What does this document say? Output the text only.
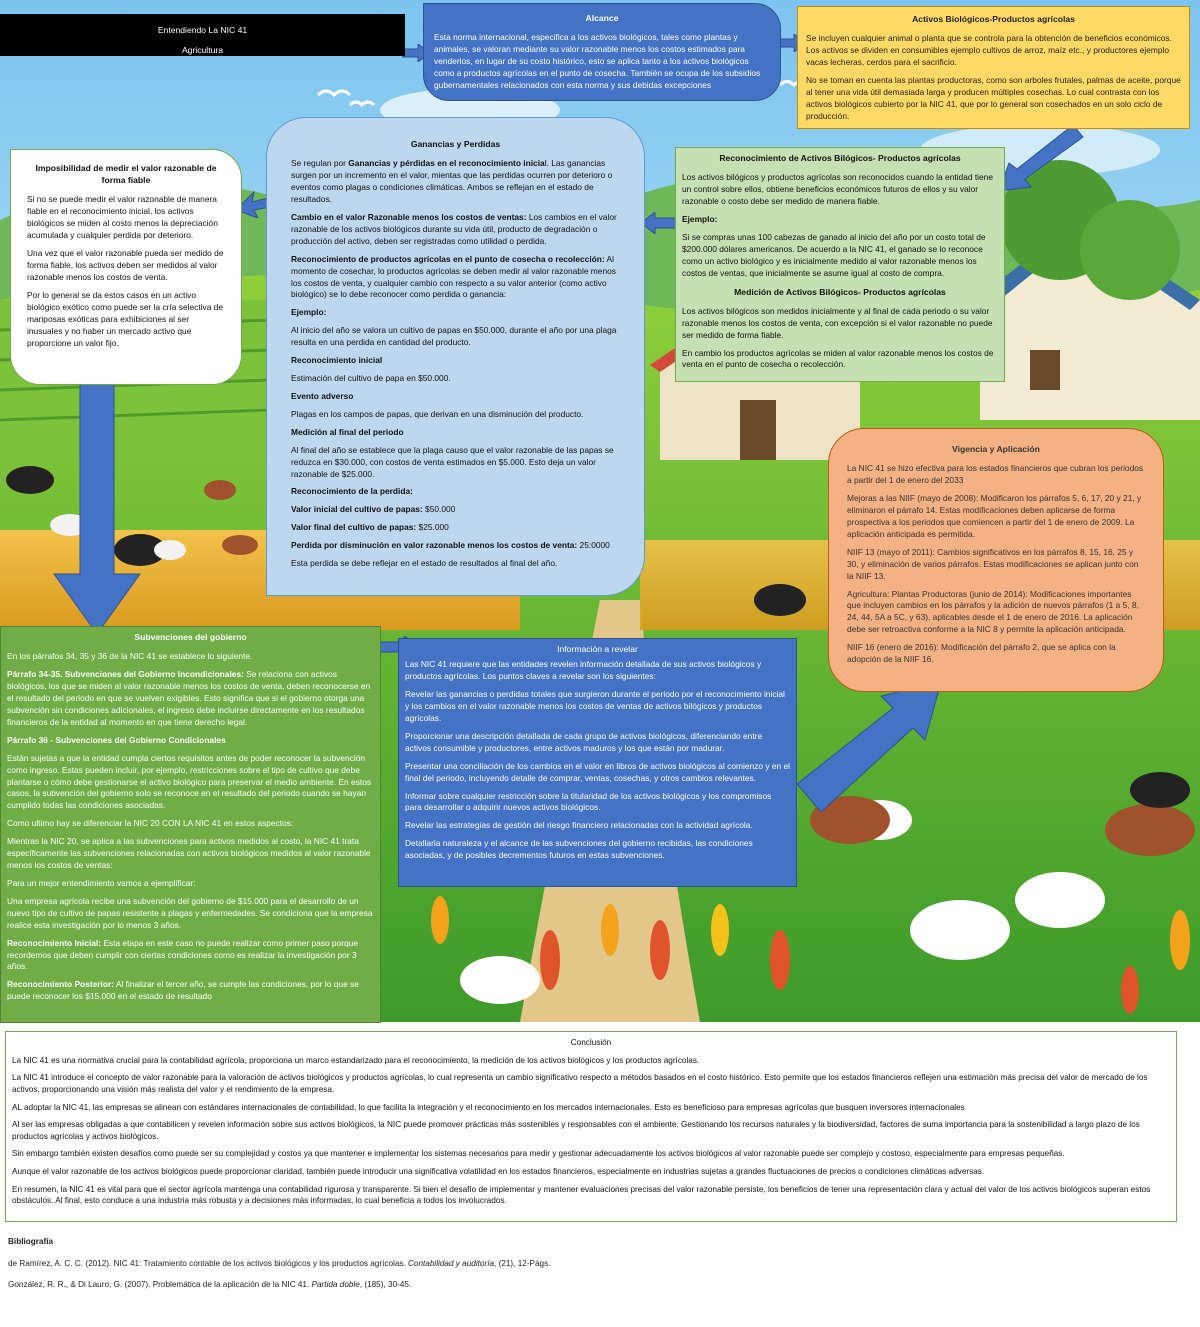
Entendiendo La NIC 41
Agricultura
Alcance

Esta norma internacional, especifica a los activos biológicos, tales como plantas y animales, se valoran mediante su valor razonable menos los costos estimados para venderlos, en lugar de su costo histórico, esto se aplica tanto a los activos biológicos como a productos agrícolas en el punto de cosecha. También se ocupa de los subsidios gubernamentales relacionados con esta norma y sus debidas excepciones

Activos Biológicos-Productos agrícolas

Se incluyen cualquier animal o planta que se controla para la obtención de beneficios económicos. Los activos se dividen en consumibles ejemplo cultivos de arroz, maíz etc., y productores ejemplo vacas lecheras, cerdos para el sacrificio.

No se toman en cuenta las plantas productoras, como son arboles frutales, palmas de aceite, porque al tener una vida útil demasiada larga y producen múltiples cosechas. Lo cual contrasta con los activos biológicos cubierto por la NIC 41, que por lo general son cosechados en un solo ciclo de producción.

Imposibilidad de medir el valor razonable de forma fiable

Si no se puede medir el valor razonable de manera fiable en el reconocimiento inicial, los activos biológicos se miden al costo menos la depreciación acumulada y cualquier perdida por deterioro.

Una vez que el valor razonable pueda ser medido de forma fiable, los activos deben ser medidos al valor razonable menos los costos de venta.

Por lo general se da estos casos en un activo biológico exótico como puede ser la cría selectiva de mariposas exóticas para exhibiciones al ser inusuales y no haber un mercado activo que proporcione un valor fijo.

Ganancias y Perdidas

Se regulan por Ganancias y pérdidas en el reconocimiento inicial. Las ganancias surgen por un incremento en el valor, mientas que las perdidas ocurren por deterioro o eventos como plagas o condiciones climáticas. Ambos se reflejan en el estado de resultados.

Cambio en el valor Razonable menos los costos de ventas: Los cambios en el valor razonable de los activos biológicos durante su vida útil, producto de degradación o producción del activo, deben ser registradas como utilidad o perdida.

Reconocimiento de productos agrícolas en el punto de cosecha o recolección: Al momento de cosechar, lo productos agrícolas se deben medir al valor razonable menos los costos de venta, y cualquier cambio con respecto a su valor anterior (como activo biológico) se lo debe reconocer como perdida o ganancia:

Ejemplo:

Al inicio del año se valora un cultivo de papas en $50.000, durante el año por una plaga resulta en una perdida en cantidad del producto.

Reconocimiento inicial

Estimación del cultivo de papa en $50.000.

Evento adverso

Plagas en los campos de papas, que derivan en una disminución del producto.

Medición al final del periodo

Al final del año se establece que la plaga causo que el valor razonable de las papas se reduzca en $30.000, con costos de venta estimados en $5.000. Esto deja un valor razonable de $25.000.

Reconocimiento de la perdida:

Valor inicial del cultivo de papas: $50.000

Valor final del cultivo de papas: $25.000

Perdida por disminución en valor razonable menos los costos de venta: 25:0000

Esta perdida se debe reflejar en el estado de resultados al final del año.

Reconocimiento de Activos Bilógicos- Productos agrícolas

Los activos bilógicos y productos agrícolas son reconocidos cuando la entidad tiene un control sobre ellos, obtiene beneficios económicos futuros de ellos y su valor razonable o costo debe ser medido de manera fiable.

Ejemplo:

Si se compras unas 100 cabezas de ganado al inicio del año por un costo total de $200.000 dólares americanos. De acuerdo a la NIC 41, el ganado se lo reconoce como un activo biológico y es inicialmente medido al valor razonable menos los costos de ventas, que inicialmente se asume igual al costo de compra.

Medición de Activos Bilógicos- Productos agrícolas

Los activos bilógicos son medidos inicialmente y al final de cada periodo o su valor razonable menos los costos de venta, con excepción si el valor razonable no puede ser medido de forma fiable.

En cambio los productos agrícolas se miden al valor razonable menos los costos de venta en el punto de cosecha o recolección.

Vigencia y Aplicación

La NIC 41 se hizo efectiva para los estados financieros que cubran los periodos a partir del 1 de enero del 2033

Mejoras a las NIIF (mayo de 2008): Modificaron los párrafos 5, 6, 17, 20 y 21, y eliminaron el párrafo 14. Estas modificaciones deben aplicarse de forma prospectiva a los periodos que comiencen a partir del 1 de enero de 2009. La aplicación anticipada es permitida.

NIIF 13 (mayo of 2011): Cambios significativos en los párrafos 8, 15, 16, 25 y 30, y eliminación de varios párrafos. Estas modificaciones se aplican junto con la NIIF 13.

Agricultura: Plantas Productoras (junio de 2014): Modificaciones importantes que incluyen cambios en los párrafos y la adición de nuevos párrafos (1 a 5, 8, 24, 44, 5A a 5C, y 63), aplicables desde el 1 de enero de 2016. La aplicación debe ser retroactiva conforme a la NIC 8 y permite la aplicación anticipada.

NIIF 16 (enero de 2016): Modificación del párrafo 2, que se aplica con la adopción de la NIIF 16.

Subvenciones del gobierno

En los párrafos 34, 35 y 36 de la NIC 41 se establece lo siguiente.

Párrafo 34-35. Subvenciones del Gobierno Incondicionales: Se relaciona con activos biológicos, los que se miden al valor razonable menos los costos de venta, deben reconocerse en el resultado del periodo en que se vuelven exigibles. Esto significa que si el gobierno otorga una subvención sin condiciones adicionales, el ingreso debe incluirse directamente en los resultados financieros de la entidad al momento en que tiene derecho legal.

Párrafo 36 - Subvenciones del Gobierno Condicionales

Están sujetas a que la entidad cumpla ciertos requisitos antes de poder reconocer la subvención como ingreso. Estas pueden incluir, por ejemplo, restricciones sobre el tipo de cultivo que debe plantarse o cómo debe gestionarse el activo biológico para preservar el medio ambiente. En estos casos, la subvención del gobierno solo se reconoce en el resultado del periodo cuando se hayan cumplido todas las condiciones asociadas.

Como ultimo hay se diferenciar la NIC 20 CON LA NIC 41 en estos aspectos:

Mientras la NIC 20, se aplica a las subvenciones para activos medidos al costo, la NIC 41 trata específicamente las subvenciones relacionadas con activos biológicos medidos al valor razonable menos los costos de ventas:

Para un mejor entendimiento vamos a ejemplificar:

Una empresa agrícola recibe una subvención del gobierno de $15.000 para el desarrollo de un nuevo tipo de cultivo de papas resistente a plagas y enfermedades. Se condiciona que la empresa realice esta investigación por lo menos 3 años.

Reconocimiento Inicial: Esta etapa en este caso no puede realizar como primer paso porque recordemos que deben cumplir con ciertas condiciones como es realizar la investigación por 3 años.

Reconocimiento Posterior: Al finalizar el tercer año, se cumple las condiciones, por lo que se puede reconocer los $15.000 en el estado de resultado

Información a revelar

Las NIC 41 requiere que las entidades revelen información detallada de sus activos biológicos y productos agrícolas. Los puntos claves a revelar son los siguientes:

Revelar las ganancias o perdidas totales que surgieron durante el periodo por el reconocimiento inicial y los cambios en el valor razonable menos los costos de ventas de activos bilógicos y productos agrícolas.

Proporcionar una descripción detallada de cada grupo de activos biológicos, diferenciando entre activos consumible y productores, entre activos maduros y los que están por madurar.

Presentar una conciliación de los cambios en el valor en libros de activos biológicos al comienzo y en el final del periodo, incluyendo detalle de comprar, ventas, cosechas, y otros cambios relevantes.

Informar sobre cualquier restricción sobre la titularidad de los activos biológicos y los compromisos para desarrollar o adquirir nuevos activos biológicos.

Revelar las estrategias de gestión del riesgo financiero relacionadas con la actividad agrícola.

Detallarla naturaleza y el alcance de las subvenciones del gobierno recibidas, las condiciones asociadas, y de posibles decrementos futuros en estas subvenciones.

Conclusión

La NIC 41 es una normativa crucial para la contabilidad agrícola, proporciona un marco estandarizado para el reconocimiento, la medición de los activos biológicos y los productos agrícolas.

La NIC 41 introduce el concepto de valor razonable para la valoración de activos biológicos y productos agrícolas, lo cual representa un cambio significativo respecto a métodos basados en el costo histórico. Esto permite que los estados financieros reflejen una estimación más precisa del valor de mercado de los activos, proporcionando una visión más realista del valor y el rendimiento de la empresa.

AL adoptar la NIC 41, las empresas se alinean con estándares internacionales de contabilidad, lo que facilita la integración y el reconocimiento en los mercados internacionales. Esto es beneficioso para empresas agrícolas que busquen inversores internacionales

Al ser las empresas obligadas a que contabilicen y revelen información sobre sus activos biológicos, la NIC puede promover prácticas más sostenibles y responsables con el ambiente. Gestionando los recursos naturales y la biodiversidad, factores de suma importancia para la sostenibilidad a largo plazo de los productos agrícolas y activos biológicos.

Sin embargo también existen desafíos como puede ser su complejidad y costos ya que mantener e implementar los sistemas necesarios para medir y gestionar adecuadamente los activos biológicos al valor razonable puede ser complejo y costoso, especialmente para empresas pequeñas.

Aunque el valor razonable de los activos biológicos puede proporcionar claridad, también puede introducir una significativa volatilidad en los estados financieros, especialmente en industrias sujetas a grandes fluctuaciones de precios o condiciones climáticas adversas.

En resumen, la NIC 41 es vital para que el sector agrícola mantenga una contabilidad rigurosa y transparente. Si bien el desafío de implementar y mantener evaluaciones precisas del valor razonable persiste, los beneficios de tener una representación clara y actual del valor de los activos biológicos superan estos obstáculos. Al final, esto conduce a una industria más robusta y a decisiones más informadas, lo cual beneficia a todos los involucrados.

Bibliografía

de Ramírez, A. C. C. (2012). NIC 41: Tratamiento contable de los activos biológicos y los productos agrícolas. Contabilidad y auditoría, (21), 12-Págs.

González, R. R., & Di Lauro, G. (2007). Problemática de la aplicación de la NIC 41. Partida doble, (185), 30-45.
